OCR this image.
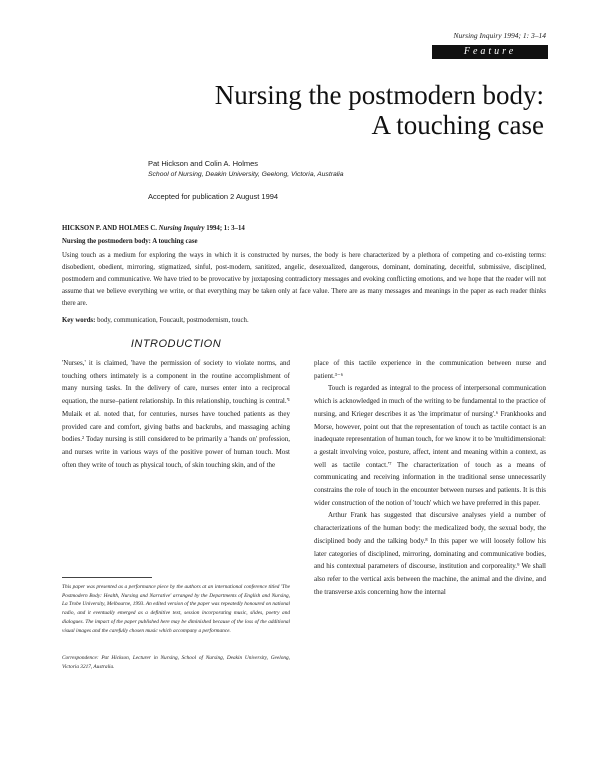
Nursing Inquiry 1994; 1: 3–14
Feature
Nursing the postmodern body:
A touching case
Pat Hickson and Colin A. Holmes
School of Nursing, Deakin University, Geelong, Victoria, Australia
Accepted for publication 2 August 1994
HICKSON P. AND HOLMES C. Nursing Inquiry 1994; 1: 3–14
Nursing the postmodern body: A touching case
Using touch as a medium for exploring the ways in which it is constructed by nurses, the body is here characterized by a plethora of competing and co-existing terms: disobedient, obedient, mirroring, stigmatized, sinful, post-modern, sanitized, angelic, desexualized, dangerous, dominant, dominating, deceitful, submissive, disciplined, postmodern and communicative. We have tried to be provocative by juxtaposing contradictory messages and evoking conflicting emotions, and we hope that the reader will not assume that we believe everything we write, or that everything may be taken only at face value. There are as many messages and meanings in the paper as each reader thinks there are.
Key words: body, communication, Foucault, postmodernism, touch.
INTRODUCTION

'Nurses,' it is claimed, 'have the permission of society to violate norms, and touching others intimately is a component in the routine accomplishment of many nursing tasks. In the delivery of care, nurses enter into a reciprocal equation, the nurse–patient relationship. In this relationship, touching is central.'¹ Mulaik et al. noted that, for centuries, nurses have touched patients as they provided care and comfort, giving baths and backrubs, and massaging aching bodies.² Today nursing is still considered to be primarily a 'hands on' profession, and nurses write in various ways of the positive power of human touch. Most often they write of touch as physical touch, of skin touching skin, and of the

This paper was presented as a performance piece by the authors at an international conference titled 'The Postmodern Body: Health, Nursing and Narrative' arranged by the Departments of English and Nursing, La Trobe University, Melbourne, 1993. An edited version of the paper was repeatedly honoured on national radio, and it eventually emerged as a definitive text, session incorporating music, slides, poetry and dialogues. The impact of the paper published here may be diminished because of the loss of the additional visual images and the carefully chosen music which accompany a performance.
Correspondence: Pat Hickson, Lecturer in Nursing, School of Nursing, Deakin University, Geelong, Victoria 3217, Australia.

place of this tactile experience in the communication between nurse and patient.³⁻⁶

Touch is regarded as integral to the process of interpersonal communication which is acknowledged in much of the writing to be fundamental to the practice of nursing, and Krieger describes it as 'the imprimatur of nursing'.⁶ Frankhooks and Morse, however, point out that the representation of touch as tactile contact is an inadequate representation of human touch, for we know it to be 'multidimensional: a gestalt involving voice, posture, affect, intent and meaning within a context, as well as tactile contact.'⁷ The characterization of touch as a means of communicating and receiving information in the traditional sense unnecessarily constrains the role of touch in the encounter between nurses and patients. It is this wider construction of the notion of 'touch' which we have preferred in this paper.

Arthur Frank has suggested that discursive analyses yield a number of characterizations of the human body: the medicalized body, the sexual body, the disciplined body and the talking body.⁸ In this paper we will loosely follow his later categories of disciplined, mirroring, dominating and communicative bodies, and his contextual parameters of discourse, institution and corporeality.⁹ We shall also refer to the vertical axis between the machine, the animal and the divine, and the transverse axis concerning how the internal
